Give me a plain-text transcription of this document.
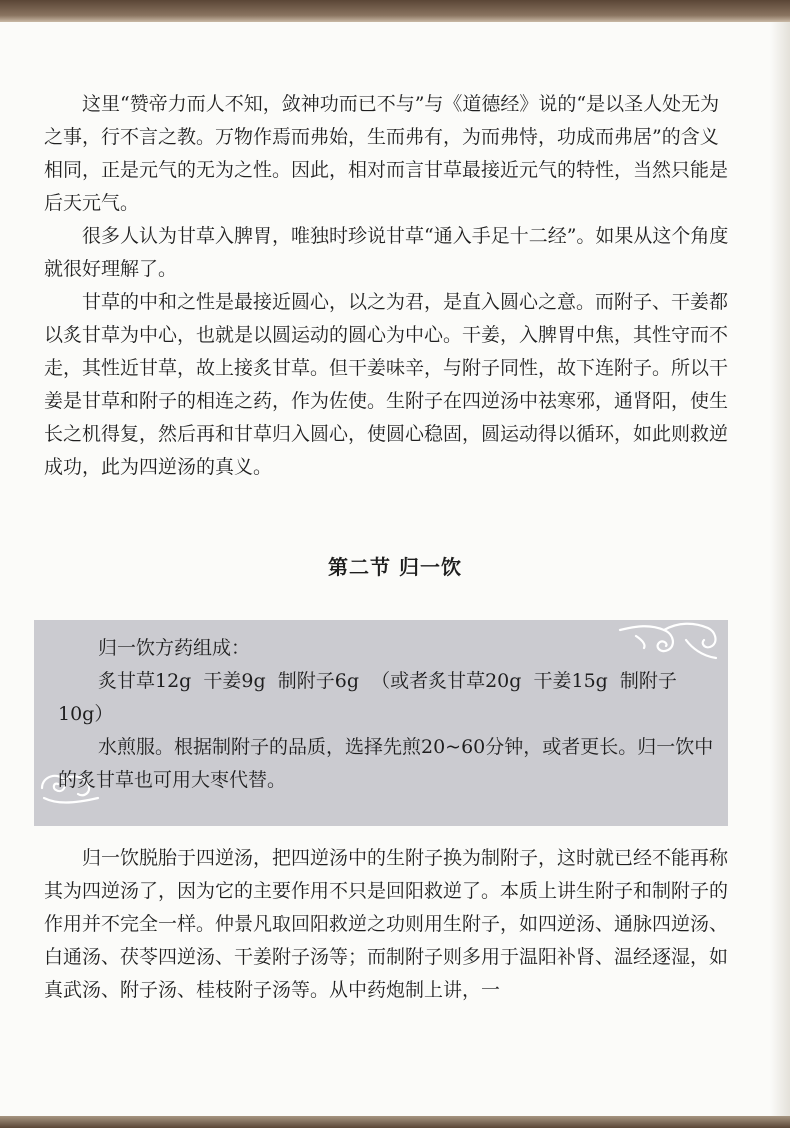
这里“赞帝力而人不知，敛神功而已不与”与《道德经》说的“是以圣人处无为之事，行不言之教。万物作焉而弗始，生而弗有，为而弗恃，功成而弗居”的含义相同，正是元气的无为之性。因此，相对而言甘草最接近元气的特性，当然只能是后天元气。

很多人认为甘草入脾胃，唯独时珍说甘草“通入手足十二经”。如果从这个角度就很好理解了。

甘草的中和之性是最接近圆心，以之为君，是直入圆心之意。而附子、干姜都以炙甘草为中心，也就是以圆运动的圆心为中心。干姜，入脾胃中焦，其性守而不走，其性近甘草，故上接炙甘草。但干姜味辛，与附子同性，故下连附子。所以干姜是甘草和附子的相连之药，作为佐使。生附子在四逆汤中祛寒邪，通肾阳，使生长之机得复，然后再和甘草归入圆心，使圆心稳固，圆运动得以循环，如此则救逆成功，此为四逆汤的真义。

第二节 归一饮

归一饮方药组成：

炙甘草12g  干姜9g  制附子6g  （或者炙甘草20g  干姜15g  制附子10g）

水煎服。根据制附子的品质，选择先煎20~60分钟，或者更长。归一饮中的炙甘草也可用大枣代替。

归一饮脱胎于四逆汤，把四逆汤中的生附子换为制附子，这时就已经不能再称其为四逆汤了，因为它的主要作用不只是回阳救逆了。本质上讲生附子和制附子的作用并不完全一样。仲景凡取回阳救逆之功则用生附子，如四逆汤、通脉四逆汤、白通汤、茯苓四逆汤、干姜附子汤等；而制附子则多用于温阳补肾、温经逐湿，如真武汤、附子汤、桂枝附子汤等。从中药炮制上讲，一
